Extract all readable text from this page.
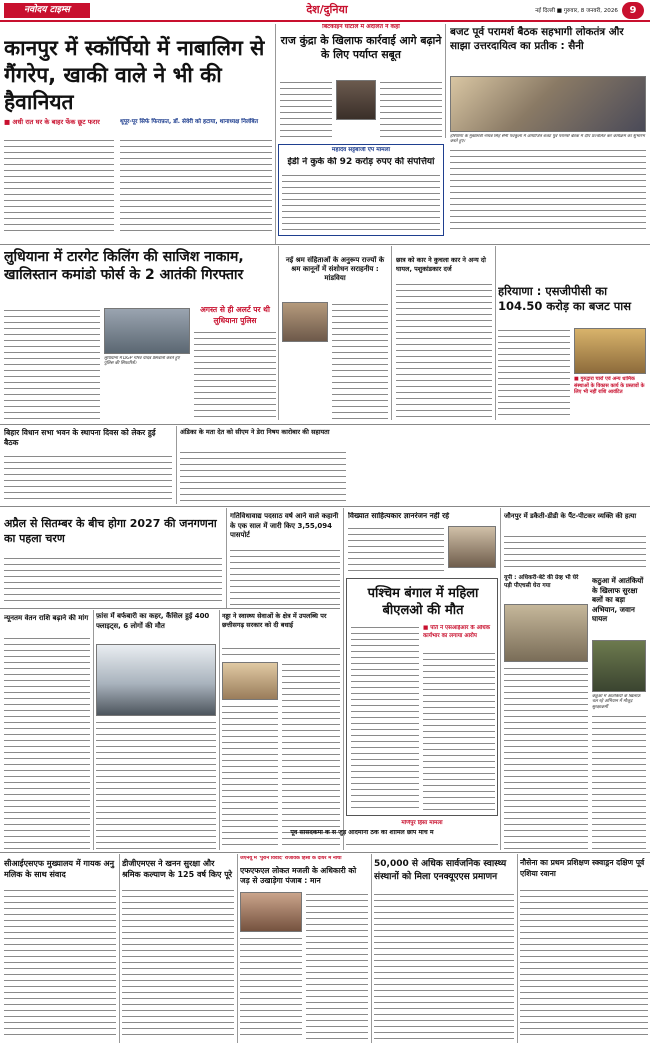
नवोदय टाइम्स	देश/दुनिया	नई दिल्ली ■ गुरुवार, 8 जनवरी, 2026	9
कानपुर में स्कॉर्पियो में नाबालिग से गैंगरेप, खाकी वाले ने भी की हैवानियत
■ अधी रात घर के बाहर फेंक छूट फरार	थूपूर-पूर सिर्फ फिराफ़त, डॉ. सेवेरी को हटाया, थानाध्यक्ष निलंबित
बिटकॉइन घोटाले में अदालत ने कहा
राज कुंद्रा के खिलाफ कार्रवाई आगे बढ़ाने के लिए पर्याप्त सबूत
बजट पूर्व परामर्श बैठक सहभागी लोकतंत्र और साझा उत्तरदायित्व का प्रतीक : सैनी
हरियाणा के मुख्यमंत्री नायब सिंह सैनी पंचकूला में आयोजित बजट पूर्व परामर्श बैठक में दीप प्रज्वलित कर कार्यक्रम का शुभारंभ करते हुए।
महादेव सट्टेबाजी ऐप मामला
ईडी ने कुर्क की 92 करोड़ रुपए की संपत्तियां
लुधियाना में टारगेट किलिंग की साजिश नाकाम, खालिस्तान कमांडो फोर्स के 2 आतंकी गिरफ्तार
लुधियाना में DGP गौरव यादव प्रेसवार्ता करते हुए पुलिस की सिफारिशें।
अगस्त से ही अलर्ट पर थी लुधियाना पुलिस
नई श्रम संहिताओं के अनुरूप राज्यों के श्रम कानूनों में संशोधन सराहनीय : मांडविया
छात्र को कार ने कुचला कार ने अन्य दो घायल, पशुकांडकार दर्ज
हरियाणा : एसजीपीसी का 104.50 करोड़ का बजट पास
■ गुरुद्वारा चारों एवं अन्य धार्मिक संस्थाओं के विकास कार्य के प्रस्तावों के लिए भी नहीं राशि आवंटित
बिहार विधान सभा भवन के स्थापना दिवस को लेकर हुई बैठक
अंडिका के मता देत को सीएम ने डेरा निषय कारोबार की सहायता
अप्रैल से सितम्बर के बीच होगा 2027 की जनगणना का पहला चरण
न्यूनतम वेतन राशि बढ़ाने की मांग फ़ांस में बर्फबारी का कहर, कैंसिल हुई 400 फ्लाइट्स, 6 लोगों की मौत
नड्डा ने स्वास्थ्य सेवाओं के क्षेत्र में उपलब्धि पर छत्तीसगढ़ सरकार को दी बधाई
गतिविधावाद्य पदसाठ वर्ष आने वाले कहानी के एक साल में जारी किए 3,55,094 पासपोर्ट
विख्यात साहित्यकार ज्ञानरंजन नहीं रहे
पश्चिम बंगाल में महिला बीएलओ की मौत
■ पति ने एसआईआर के अधिक कार्यभार का लगाया आरोप
मणिपुर हिंसा मामला
पूर्व सांसदकर्मी के से जुड़े अदिमानी ठेके की शामिल छापे मार्च में
जौनपुर में डकैती-डीडी के पैंट-पीटकर व्यक्ति की हत्या
यूपी : अधिकरी-बेटे की ग्रेव्ह भी घेरे पड़ी पीएचसी घेरा गया
कठुआ में आतंकियों के खिलाफ सुरक्षा बलों का बड़ा अभियान, जवान घायल
कठुआ में आतंकियों के खिलाफ़ चल रहे अभियान में मौजूद सुरक्षाकर्मी
सीआईएसएफ मुख्यालय में गायक अनु मलिक के साथ संवाद
डीजीएमएस ने खनन सुरक्षा और श्रमिक कल्याण के 125 वर्ष किए पूरे
जेएनयू में 'पुराने विवाद' राजविक हिंसा के दायरे में नार्थो
एफएफएल लोकत मजली के अधिकारी को जड़ से उखाड़ेगा पंजाब : मान
50,000 से अधिक सार्वजनिक स्वास्थ्य संस्थानों को मिला एनक्यूएएस प्रमाणन
नौसेना का प्रथम प्रशिक्षण स्क्वाड्रन दक्षिण पूर्व एशिया रवाना
